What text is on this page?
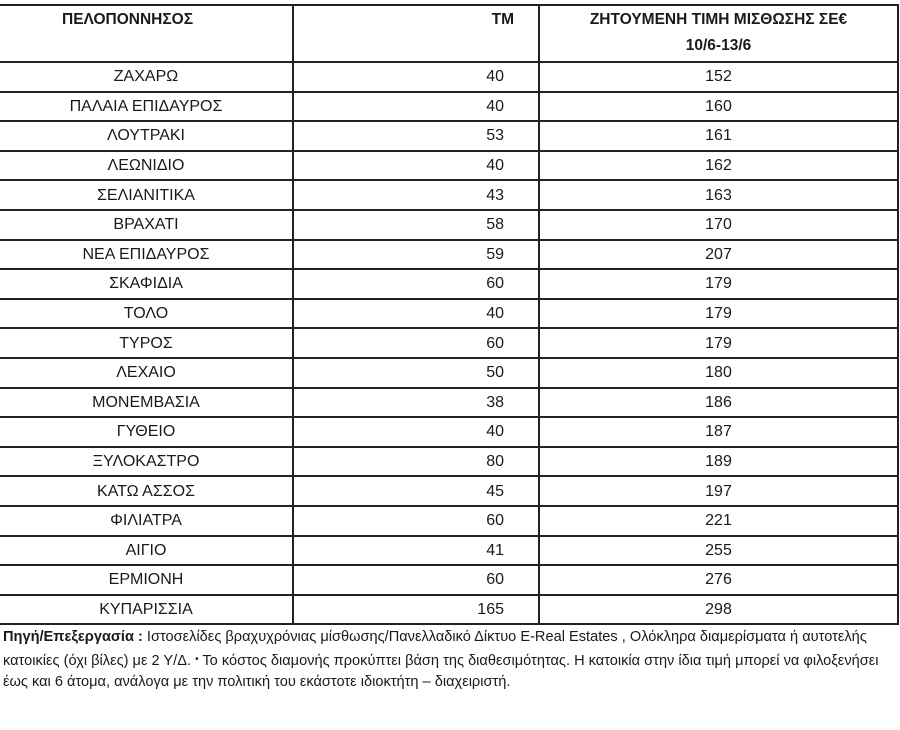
ΠΕΛΟΠΟΝΝΗΣΟΣ	ΤΜ	ΖΗΤΟΥΜΕΝΗ ΤΙΜΗ ΜΙΣΘΩΣΗΣ ΣΕ€
10/6-13/6

ΖΑΧΑΡΩ	40	152
ΠΑΛΑΙΑ ΕΠΙΔΑΥΡΟΣ	40	160
ΛΟΥΤΡΑΚΙ	53	161
ΛΕΩΝΙΔΙΟ	40	162
ΣΕΛΙΑΝΙΤΙΚΑ	43	163
ΒΡΑΧΑΤΙ	58	170
ΝΕΑ ΕΠΙΔΑΥΡΟΣ	59	207
ΣΚΑΦΙΔΙΑ	60	179
ΤΟΛΟ	40	179
ΤΥΡΟΣ	60	179
ΛΕΧΑΙΟ	50	180
ΜΟΝΕΜΒΑΣΙΑ	38	186
ΓΥΘΕΙΟ	40	187
ΞΥΛΟΚΑΣΤΡΟ	80	189
ΚΑΤΩ ΑΣΣΟΣ	45	197
ΦΙΛΙΑΤΡΑ	60	221
ΑΙΓΙΟ	41	255
ΕΡΜΙΟΝΗ	60	276
ΚΥΠΑΡΙΣΣΙΑ	165	298
Πηγή/Επεξεργασία : Ιστοσελίδες βραχυχρόνιας μίσθωσης/Πανελλαδικό Δίκτυο E-Real Estates , Ολόκληρα διαμερίσματα ή αυτοτελής κατοικίες (όχι βίλες) με 2 Υ/Δ. • Το κόστος διαμονής προκύπτει βάση της διαθεσιμότητας. Η κατοικία στην ίδια τιμή μπορεί να φιλοξενήσει έως και 6 άτομα, ανάλογα με την πολιτική του εκάστοτε ιδιοκτήτη – διαχειριστή.
